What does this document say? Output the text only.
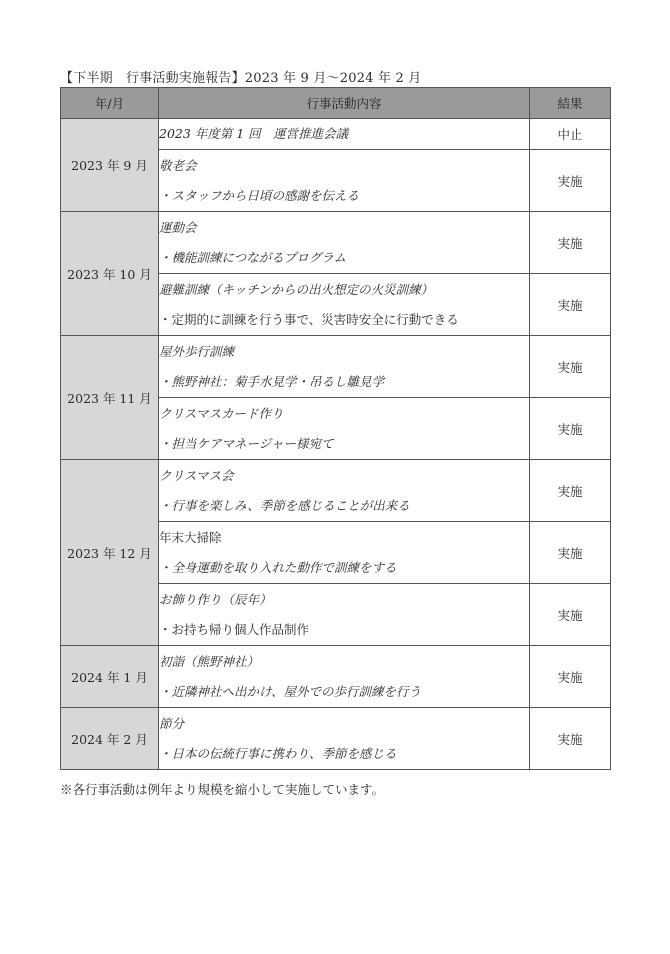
【下半期　行事活動実施報告】2023 年 9 月～2024 年 2 月
年/月	行事活動内容	結果
2023 年 9 月	2023 年度第 1 回　運営推進会議	中止

	敬老会
・スタッフから日頃の感謝を伝える	実施
2023 年 10 月	運動会
・機能訓練につながるプログラム	実施

	避難訓練（キッチンからの出火想定の火災訓練）
・定期的に訓練を行う事で、災害時安全に行動できる	実施
2023 年 11 月	屋外歩行訓練
・熊野神社：菊手水見学・吊るし雛見学	実施

	クリスマスカード作り
・担当ケアマネージャー様宛て	実施
2023 年 12 月	クリスマス会
・行事を楽しみ、季節を感じることが出来る	実施

	年末大掃除
・全身運動を取り入れた動作で訓練をする	実施

	お飾り作り（辰年）
・お持ち帰り個人作品制作	実施
2024 年 1 月	初詣（熊野神社）
・近隣神社へ出かけ、屋外での歩行訓練を行う	実施
2024 年 2 月	節分
・日本の伝統行事に携わり、季節を感じる	実施
※各行事活動は例年より規模を縮小して実施しています。
